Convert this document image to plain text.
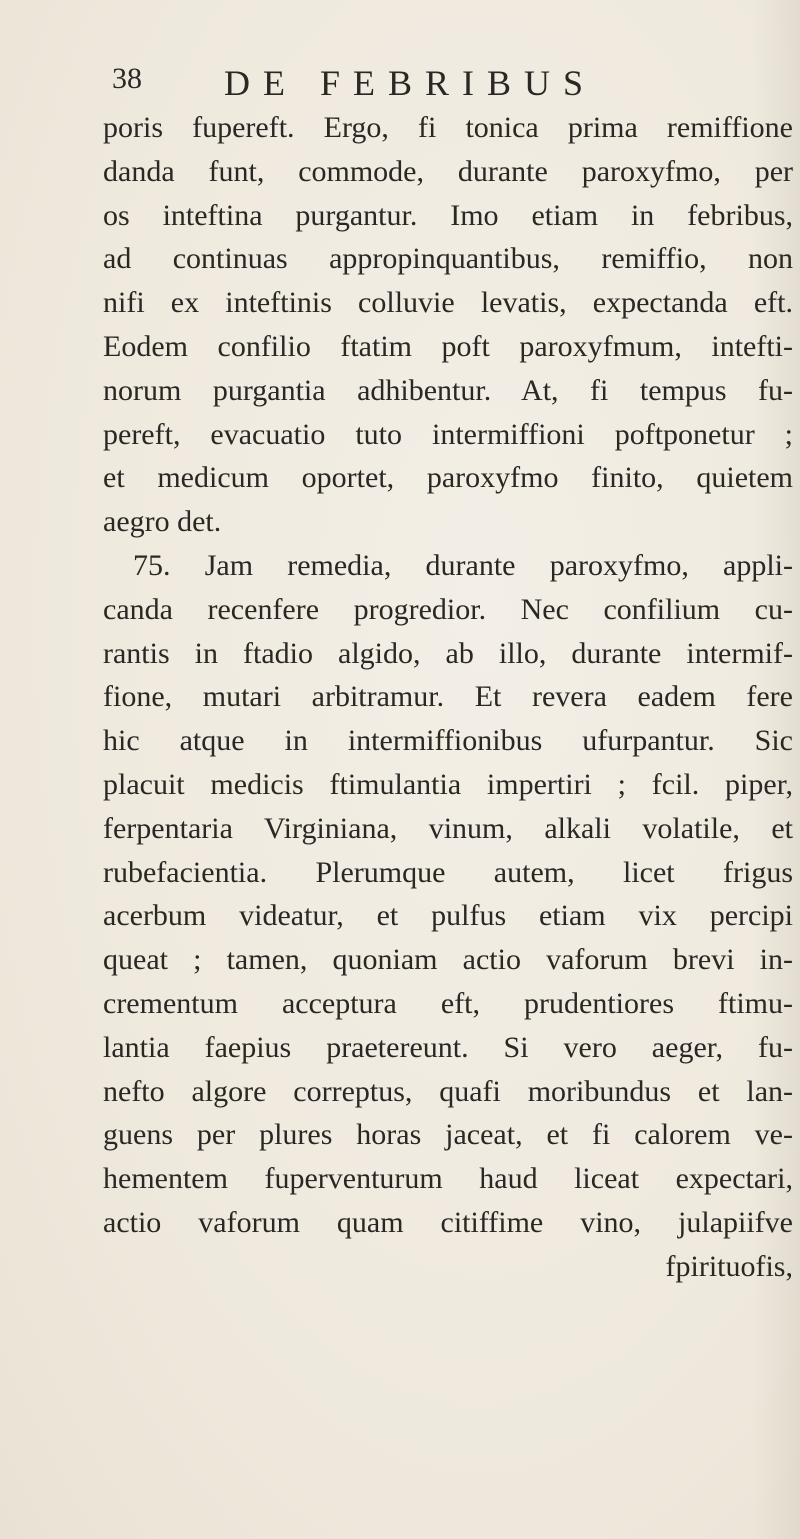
38 DE FEBRIBUS
poris fupereft. Ergo, fi tonica prima remiffione
danda funt, commode, durante paroxyfmo, per
os inteftina purgantur. Imo etiam in febribus,
ad continuas appropinquantibus, remiffio, non
nifi ex inteftinis colluvie levatis, expectanda eft.
Eodem confilio ftatim poft paroxyfmum, intefti-
norum purgantia adhibentur. At, fi tempus fu-
pereft, evacuatio tuto intermiffioni poftponetur ;
et medicum oportet, paroxyfmo finito, quietem
aegro det.
75. Jam remedia, durante paroxyfmo, appli-
canda recenfere progredior. Nec confilium cu-
rantis in ftadio algido, ab illo, durante intermif-
fione, mutari arbitramur. Et revera eadem fere
hic atque in intermiffionibus ufurpantur. Sic
placuit medicis ftimulantia impertiri ; fcil. piper,
ferpentaria Virginiana, vinum, alkali volatile, et
rubefacientia. Plerumque autem, licet frigus
acerbum videatur, et pulfus etiam vix percipi
queat ; tamen, quoniam actio vaforum brevi in-
crementum acceptura eft, prudentiores ftimu-
lantia faepius praetereunt. Si vero aeger, fu-
nefto algore correptus, quafi moribundus et lan-
guens per plures horas jaceat, et fi calorem ve-
hementem fuperventurum haud liceat expectari,
actio vaforum quam citiffime vino, julapiifve
fpirituofis,
